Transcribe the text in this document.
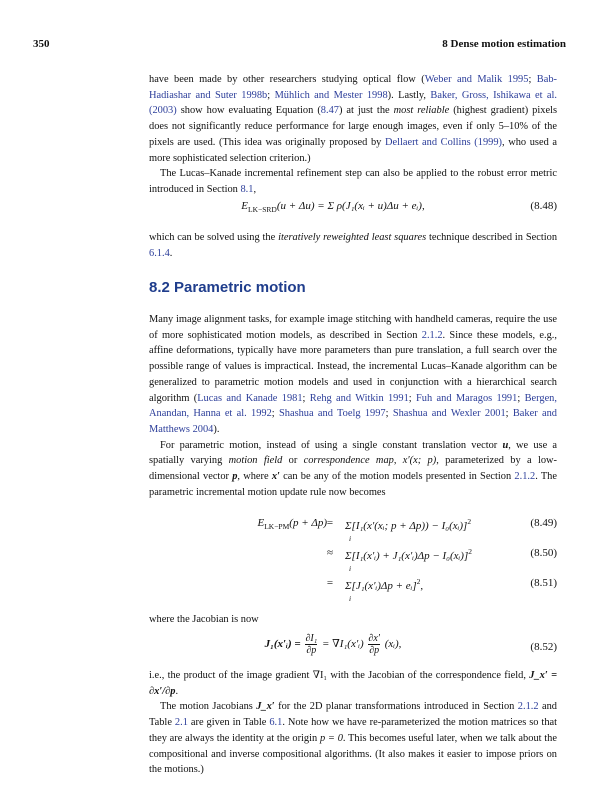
350	8 Dense motion estimation

have been made by other researchers studying optical flow (Weber and Malik 1995; Bab-Hadiashar and Suter 1998b; Mühlich and Mester 1998). Lastly, Baker, Gross, Ishikawa et al. (2003) show how evaluating Equation (8.47) at just the most reliable (highest gradient) pixels does not significantly reduce performance for large enough images, even if only 5–10% of the pixels are used. (This idea was originally proposed by Dellaert and Collins (1999), who used a more sophisticated selection criterion.)

The Lucas–Kanade incremental refinement step can also be applied to the robust error metric introduced in Section 8.1,

$E_{LK-SRD}(u + \Delta u) = \Sigma$ ρ(J₁(xᵢ + u)Δu + eᵢ),	(8.48)

which can be solved using the iteratively reweighted least squares technique described in Section 6.1.4.

8.2 Parametric motion

Many image alignment tasks, for example image stitching with handheld cameras, require the use of more sophisticated motion models, as described in Section 2.1.2. Since these models, e.g., affine deformations, typically have more parameters than pure translation, a full search over the possible range of values is impractical. Instead, the incremental Lucas–Kanade algorithm can be generalized to parametric motion models and used in conjunction with a hierarchical search algorithm (Lucas and Kanade 1981; Rehg and Witkin 1991; Fuh and Maragos 1991; Bergen, Anandan, Hanna et al. 1992; Shashua and Toelg 1997; Shashua and Wexler 2001; Baker and Matthews 2004).

For parametric motion, instead of using a single constant translation vector u, we use a spatially varying motion field or correspondence map, x′(x; p), parameterized by a low-dimensional vector p, where x′ can be any of the motion models presented in Section 2.1.2. The parametric incremental motion update rule now becomes

$E_{LK-PM}(p + \Delta p)$ =	Σ[I₁(x′(xᵢ; p + Δp)) − I₀(xᵢ)]
i
$^2$	(8.49)
≈	Σ[I₁(x′ᵢ) + J₁(x′ᵢ)Δp − I₀(xᵢ)]
i
$^2$	(8.50)
=	Σ[J₁(x′ᵢ)Δp + eᵢ]
i
$^2$,	(8.51)

where the Jacobian is now

J₁(x′ᵢ) = $\frac{\text{∂I₁}}{\partial p}$ = ∇I₁(x′ᵢ) $\frac{\partial x'}{\partial p}$ (xᵢ),	(8.52)

i.e., the product of the image gradient ∇I₁ with the Jacobian of the correspondence field, J_x′ = ∂x′/∂p.

The motion Jacobians J_x′ for the 2D planar transformations introduced in Section 2.1.2 and Table 2.1 are given in Table 6.1. Note how we have re-parameterized the motion matrices so that they are always the identity at the origin p = 0. This becomes useful later, when we talk about the compositional and inverse compositional algorithms. (It also makes it easier to impose priors on the motions.)
